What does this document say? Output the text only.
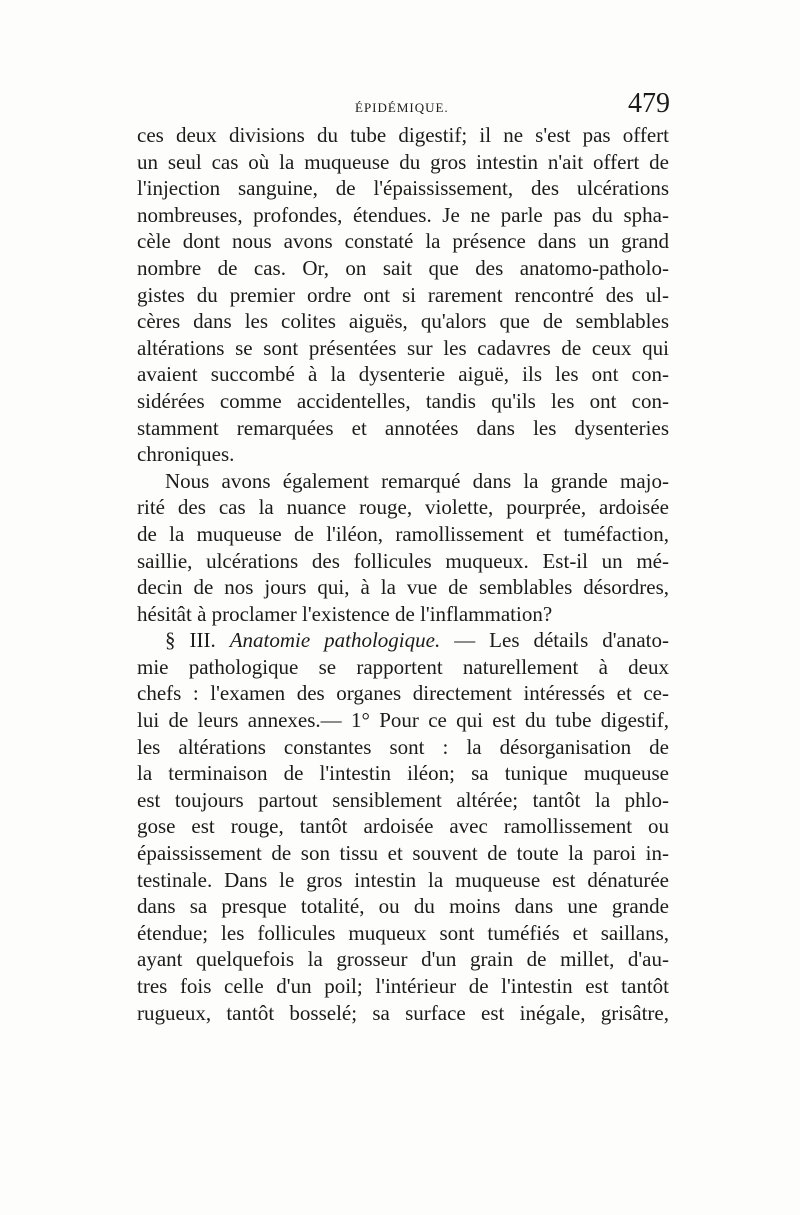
ÉPIDÉMIQUE.	479
ces deux divisions du tube digestif; il ne s'est pas offert
un seul cas où la muqueuse du gros intestin n'ait offert de
l'injection sanguine, de l'épaississement, des ulcérations
nombreuses, profondes, étendues. Je ne parle pas du spha-
cèle dont nous avons constaté la présence dans un grand
nombre de cas. Or, on sait que des anatomo-patholo-
gistes du premier ordre ont si rarement rencontré des ul-
cères dans les colites aiguës, qu'alors que de semblables
altérations se sont présentées sur les cadavres de ceux qui
avaient succombé à la dysenterie aiguë, ils les ont con-
sidérées comme accidentelles, tandis qu'ils les ont con-
stamment remarquées et annotées dans les dysenteries
chroniques.
Nous avons également remarqué dans la grande majo-
rité des cas la nuance rouge, violette, pourprée, ardoisée
de la muqueuse de l'iléon, ramollissement et tuméfaction,
saillie, ulcérations des follicules muqueux. Est-il un mé-
decin de nos jours qui, à la vue de semblables désordres,
hésitât à proclamer l'existence de l'inflammation?
§ III. Anatomie pathologique. — Les détails d'anato-
mie pathologique se rapportent naturellement à deux
chefs : l'examen des organes directement intéressés et ce-
lui de leurs annexes.— 1° Pour ce qui est du tube digestif,
les altérations constantes sont : la désorganisation de
la terminaison de l'intestin iléon; sa tunique muqueuse
est toujours partout sensiblement altérée; tantôt la phlo-
gose est rouge, tantôt ardoisée avec ramollissement ou
épaississement de son tissu et souvent de toute la paroi in-
testinale. Dans le gros intestin la muqueuse est dénaturée
dans sa presque totalité, ou du moins dans une grande
étendue; les follicules muqueux sont tuméfiés et saillans,
ayant quelquefois la grosseur d'un grain de millet, d'au-
tres fois celle d'un poil; l'intérieur de l'intestin est tantôt
rugueux, tantôt bosselé; sa surface est inégale, grisâtre,
